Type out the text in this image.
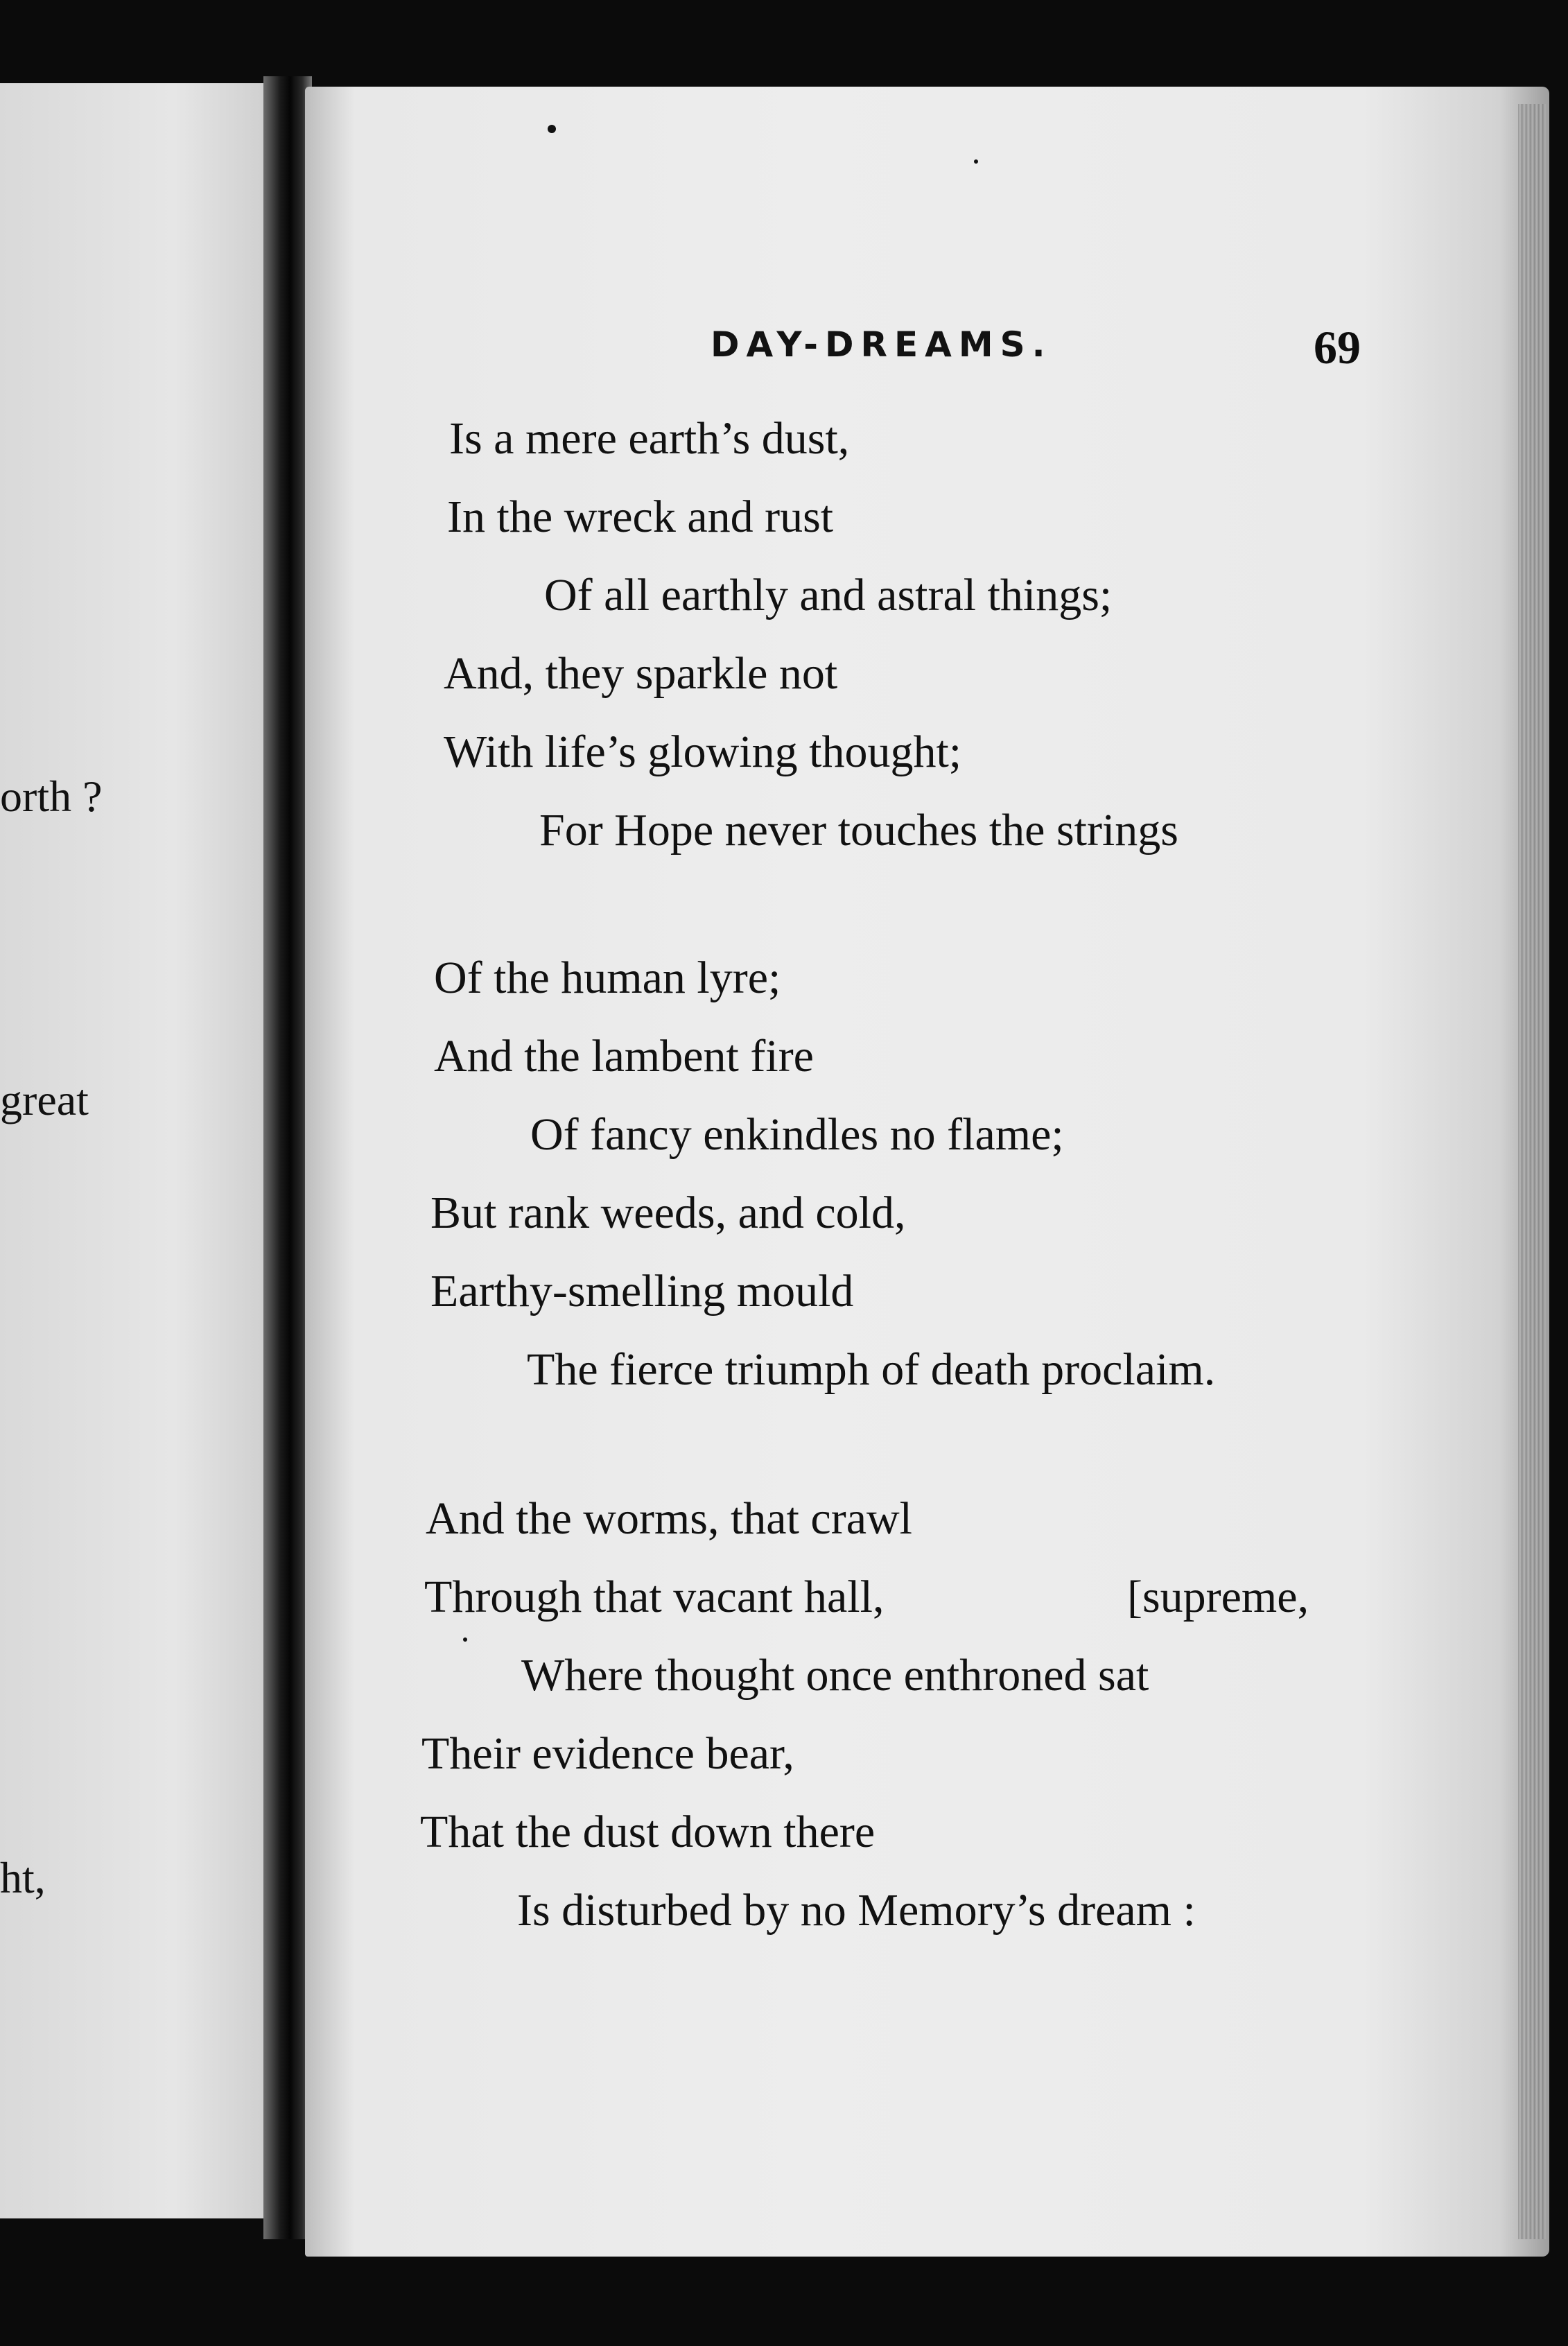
orth ?
great
ht,
DAY-DREAMS.	69
Is a mere earth’s dust,
In the wreck and rust
Of all earthly and astral things;
And, they sparkle not
With life’s glowing thought;
For Hope never touches the strings
Of the human lyre;
And the lambent fire
Of fancy enkindles no flame;
But rank weeds, and cold,
Earthy-smelling mould
The fierce triumph of death proclaim.
And the worms, that crawl
Through that vacant hall,	[supreme,
Where thought once enthroned sat
Their evidence bear,
That the dust down there
Is disturbed by no Memory’s dream :
